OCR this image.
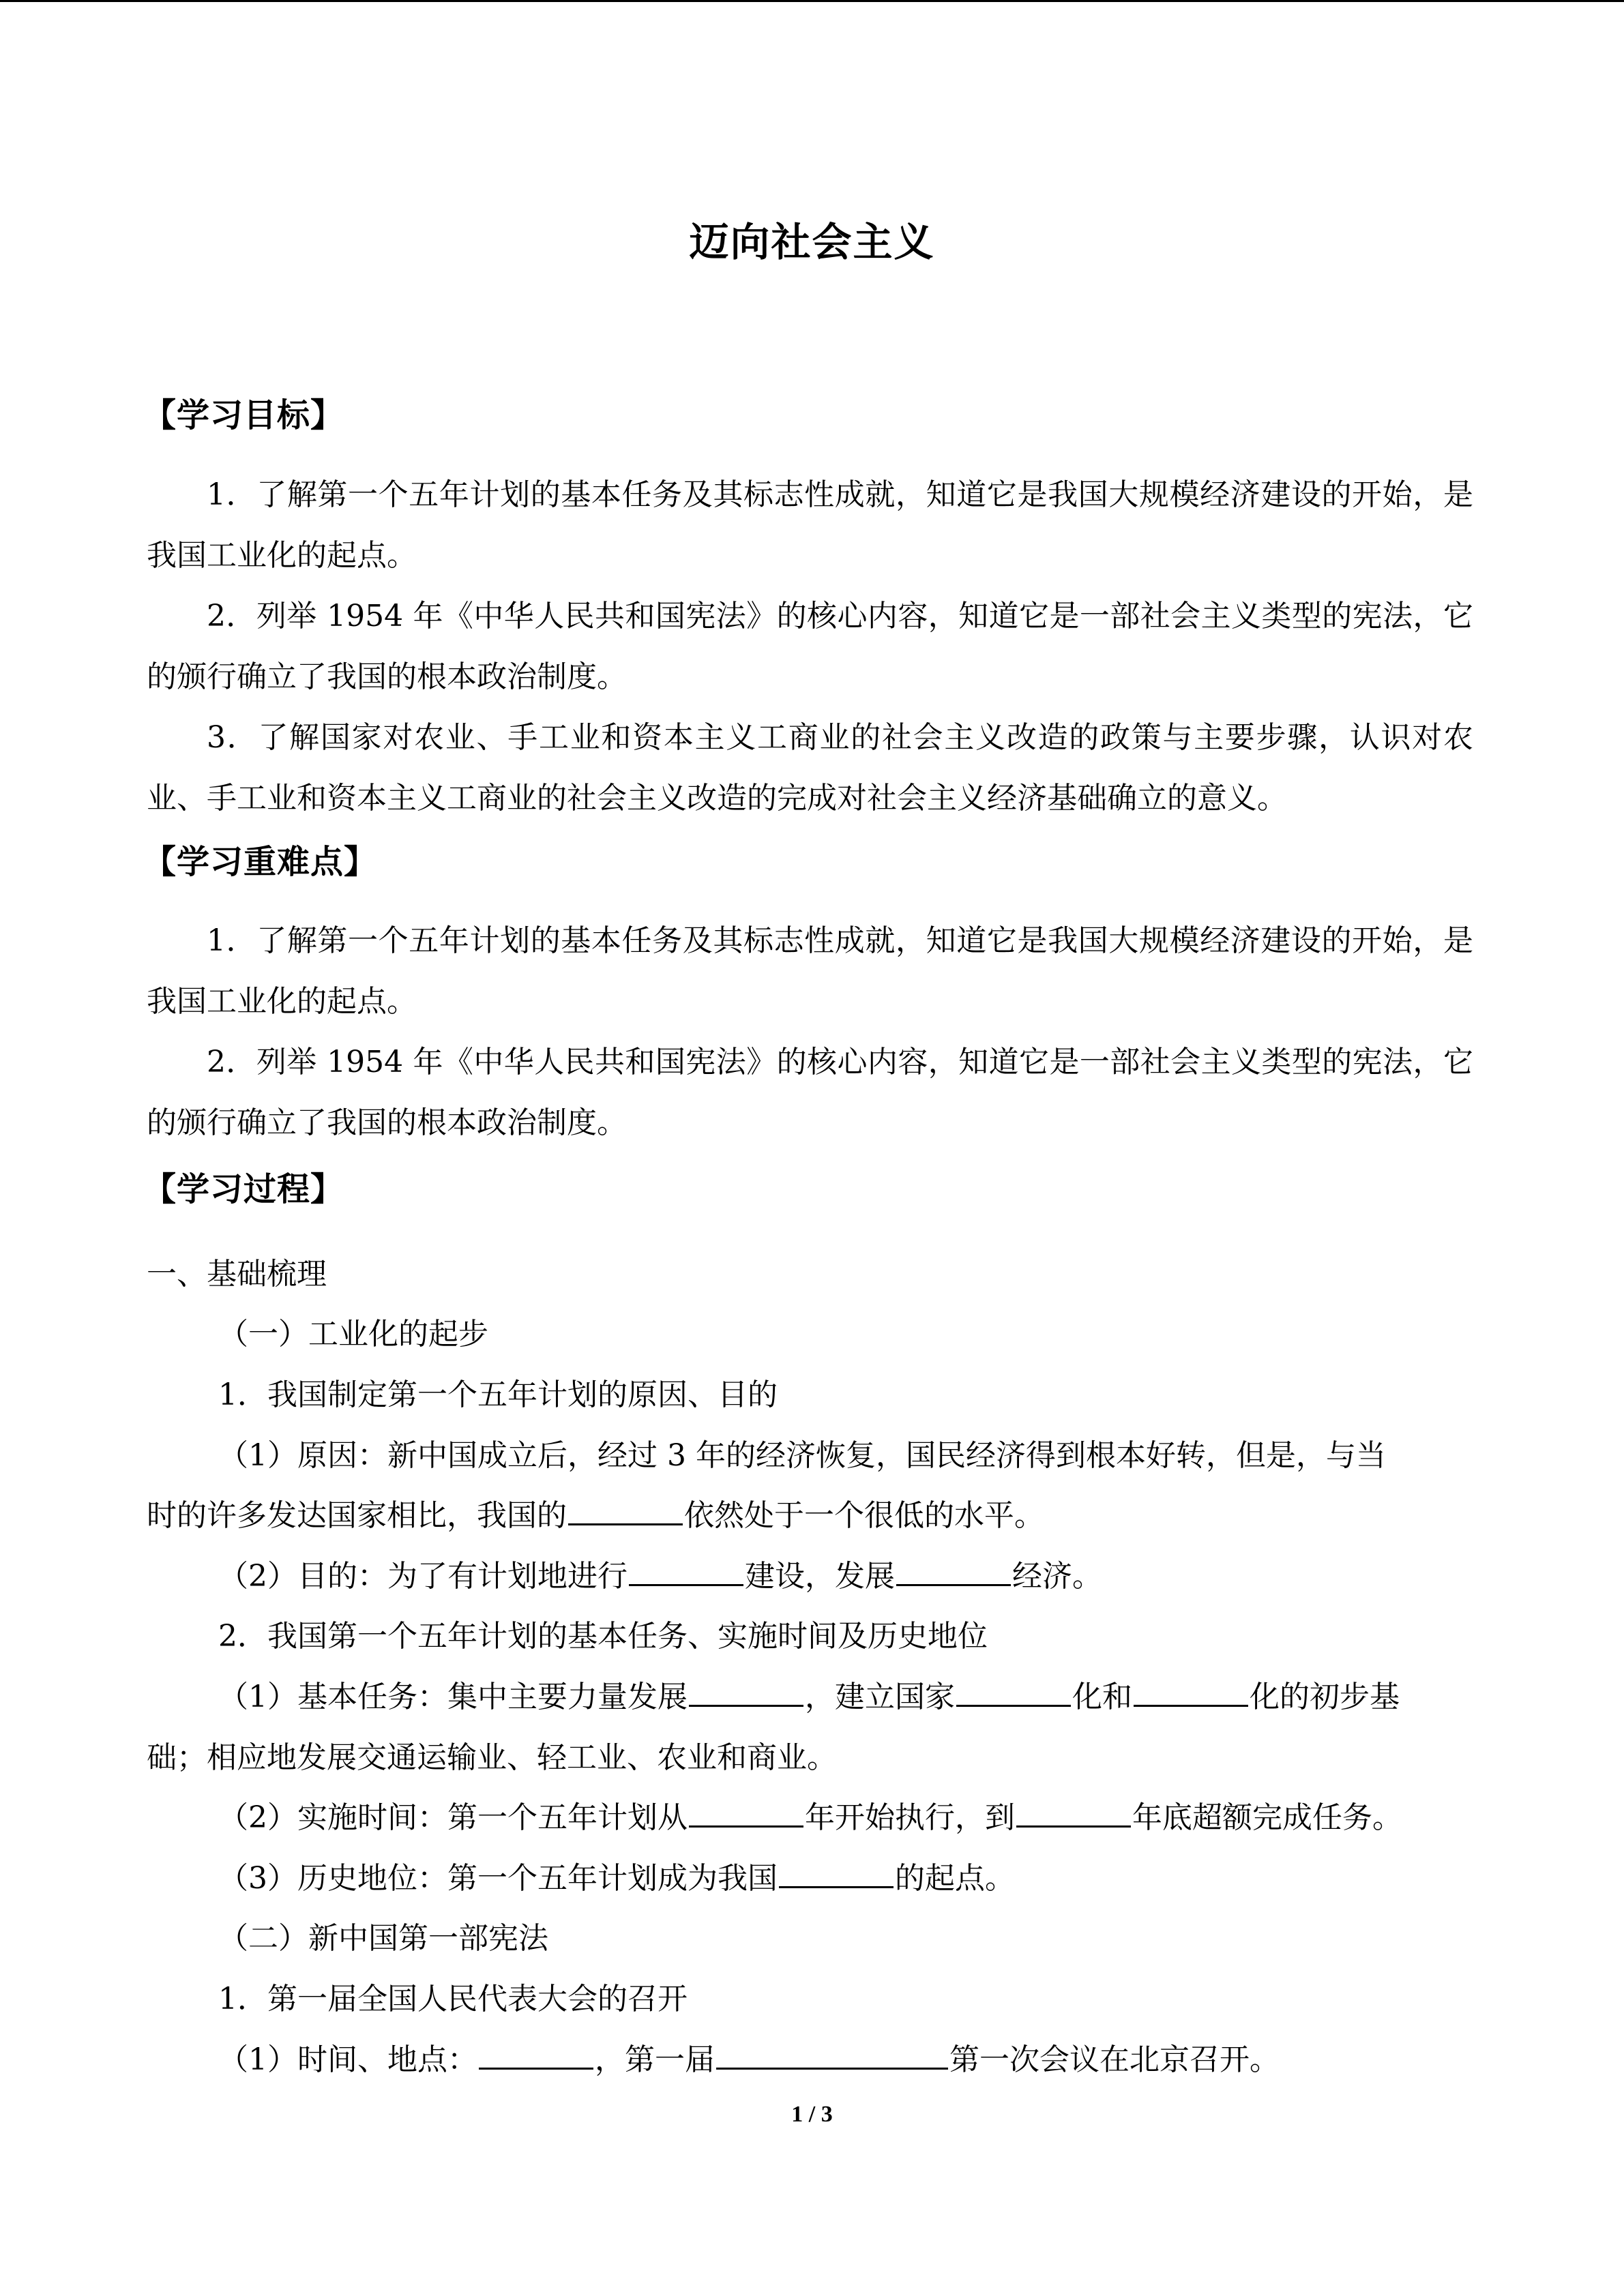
迈向社会主义
【学习目标】

1．了解第一个五年计划的基本任务及其标志性成就，知道它是我国大规模经济建设的开始，是我国工业化的起点。

2．列举 1954 年《中华人民共和国宪法》的核心内容，知道它是一部社会主义类型的宪法，它的颁行确立了我国的根本政治制度。

3．了解国家对农业、手工业和资本主义工商业的社会主义改造的政策与主要步骤，认识对农业、手工业和资本主义工商业的社会主义改造的完成对社会主义经济基础确立的意义。

【学习重难点】

1．了解第一个五年计划的基本任务及其标志性成就，知道它是我国大规模经济建设的开始，是我国工业化的起点。

2．列举 1954 年《中华人民共和国宪法》的核心内容，知道它是一部社会主义类型的宪法，它的颁行确立了我国的根本政治制度。

【学习过程】
一、基础梳理
（一）工业化的起步
1．我国制定第一个五年计划的原因、目的
（1）原因：新中国成立后，经过 3 年的经济恢复，国民经济得到根本好转，但是，与当
时的许多发达国家相比，我国的	依然处于一个很低的水平。
（2）目的：为了有计划地进行	建设，发展	经济。
2．我国第一个五年计划的基本任务、实施时间及历史地位
（1）基本任务：集中主要力量发展	，建立国家	化和	化的初步基
础；相应地发展交通运输业、轻工业、农业和商业。
（2）实施时间：第一个五年计划从	年开始执行，到	年底超额完成任务。
（3）历史地位：第一个五年计划成为我国	的起点。
（二）新中国第一部宪法
1．第一届全国人民代表大会的召开
（1）时间、地点：	，第一届	第一次会议在北京召开。
1 / 3
